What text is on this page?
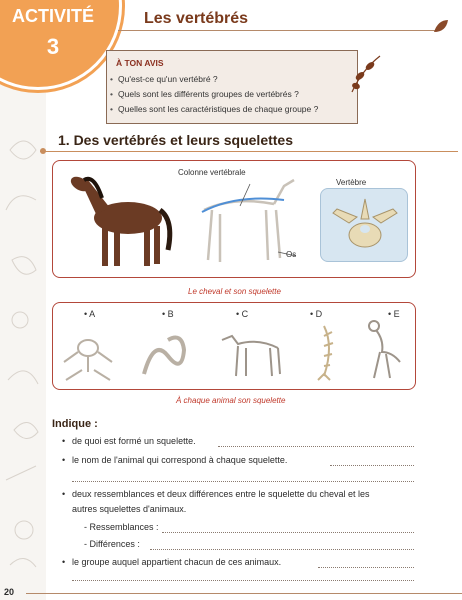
ACTIVITÉ
3
Les vertébrés
À TON AVIS
• Qu'est-ce qu'un vertébré ?
• Quels sont les différents groupes de vertébrés ?
• Quelles sont les caractéristiques de chaque groupe ?
1. Des vertébrés et leurs squelettes
Colonne vertébrale
Os
Vertèbre
Le cheval et son squelette
• A	• B	• C	• D	• E
À chaque animal son squelette
Indique :
• de quoi est formé un squelette.
• le nom de l'animal qui correspond à chaque squelette.
• deux ressemblances et deux différences entre le squelette du cheval et les
autres squelettes d'animaux.
- Ressemblances :
- Différences :
• le groupe auquel appartient chacun de ces animaux.
20
